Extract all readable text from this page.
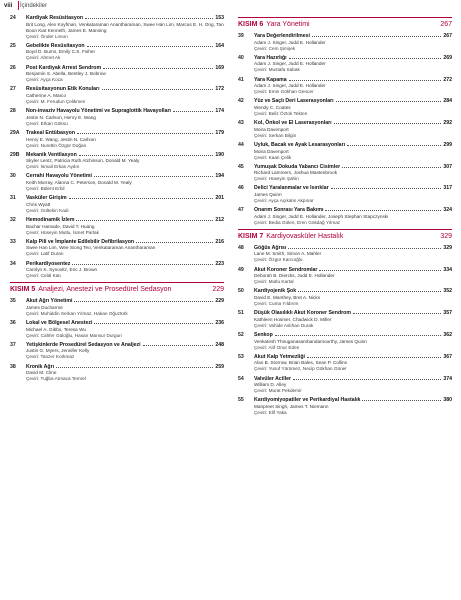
viii İçindekiler
24	Kardiyak Resüsitasyon	153
Brit Long, Alex Koyfman, Venkataraman Anantharaman, Swee Han Lim, Marcus E. H. Ong, Tan Boon Kiat Kenneth, James E. Manning
Çeviri: Önder Limon
25	Gebelikte Resüsitasyon	164
Boyd D. Burns, Emily C.S. Fisher
Çeviri: Ahmet Ak
26	Post Kardiyak Arrest Sendrom	169
Benjamin S. Abella, Bentley J. Bobrow
Çeviri: Ayça Koca
27	Resüsitasyonun Etik Konuları	172
Catherine A. Marco
Çeviri: M. Ferudun Çelikmen
28	Non-invaziv Havayolu Yönetimi ve Supraglottik Havayolları	174
Jestin N. Carlson, Henry E. Wang
Çeviri: Erkan Göksu
29A	Trakeal Entübasyon	179
Henry E. Wang, Jestin N. Carlson
Çeviri: Nurettin Özgür Doğan
29B	Mekanik Ventilasyon	190
Skyler Lentz, Patricia Ruth Atchinson, Donald M. Yealy
Çeviri: İsmail Erkan Aydın
30	Cerrahi Havayolu Yönetimi	194
Keith Murray, Alanna C. Peterson, Donald M. Yealy
Çeviri: Bülent Erbil
31	Vasküler Girişim	201
Chris Wyatt
Çeviri: Gültekin Kadı
32	Hemodinamik İzlem	212
Bachar Hamade, David T. Huang
Çeviri: Hüseyin Mutlu, İsmet Parlak
33	Kalp Pili ve İmplante Edilebilir Defibrilasyon	216
Swee Han Lim, Wee Siong Teo, Venkataraman Anantharaman
Çeviri: Latif Duran
34	Perikardiyosentez	223
Carolyn K. Synovitz, Eric J. Brown
Çeviri: Celal Katı
KISIM 5 Analjezi, Anestezi ve Prosedürel Sedasyon	229
35	Akut Ağrı Yönetimi	229
James Ducharme
Çeviri: Muhiddin Serkan Yılmaz, Hakan Oğuztürk
36	Lokal ve Bölgesel Anestezi	236
Michael A. Gibbs, Teresa Wu
Çeviri: Cahfer Güloğlu, Hasan Mansur Durgun
37	Yetişkinlerde Prosedürel Sedasyon ve Analjezi	248
Justin G. Myers, Jennifer Kelly
Çeviri: Tanzer Korkmaz
38	Kronik Ağrı	259
David M. Cline
Çeviri: Tuğba Atmaca Temrel
KISIM 6 Yara Yönetimi	267
39	Yara Değerlendirilmesi	267
Adam J. Singer, Judd E. Hollander
Çeviri: Cem Şimşek
40	Yara Hazırlığı	269
Adam J. Singer, Judd E. Hollander
Çeviri: Mustafa Sabak
41	Yara Kapama	272
Adam J. Singer, Judd E. Hollander
Çeviri: Emin Gökhan Gencer
42	Yüz ve Saçlı Deri Laserasyonları	284
Wendy C. Coates
Çeviri: Beliz Öztok Tekten
43	Kol, Önkol ve El Laserasyonları	292
Moira Davenport
Çeviri: Serkan Bilgin
44	Uyluk, Bacak ve Ayak Lesarasyonları	299
Moira Davenport
Çeviri: Kaan Çelik
45	Yumuşak Dokuda Yabancı Cisimler	307
Richard Lammers, Joshua Mastenbrook
Çeviri: Hüseyin Şahin
46	Delici Yaralanmalar ve Isırıklar	317
James Quinn
Çeviri: Ayça Açıkalın Akpınar
47	Onarım Sonrası Yara Bakımı	324
Adam J. Singer, Judd E. Hollander, Joseph Stephan Stapczynski
Çeviri: Bedia Gülen, Eren Gökdağ Yılmaz
KISIM 7 Kardiyovasküler Hastalık	329
48	Göğüs Ağrısı	329
Lane M. Smith, Simon A. Mahler
Çeviri: Özgür Karcıoğlu
49	Akut Koroner Sendromlar	334
Deborah B. Diercks, Judd E. Hollander
Çeviri: Mutlu Kartal
50	Kardiyojenik Şok	352
David E. Manthey, Bret A. Nicks
Çeviri: Cuma Yıldırım
51	Düşük Olasılıklı Akut Koroner Sendrom	357
Kathleen Hosmer, Chadwick D. Miller
Çeviri: Vahide Aslıhan Durak
52	Senkop	362
Venkatesh Thiruganasambandamoorthy, James Quinn
Çeviri: Arif Onur Eden
53	Akut Kalp Yetmezliği	367
Alan B. Storrow, Brian Bales, Sean P. Collins
Çeviri: Yusuf Yürümez, Necip Gökhan Güner
54	Valvüler Aciller	374
William D. Alley
Çeviri: Murat Pekdemir
55	Kardiyomiyopatiler ve Perikardiyal Hastalık	380
Manpreet Singh, James T. Niemann
Çeviri: Elif Yaka
